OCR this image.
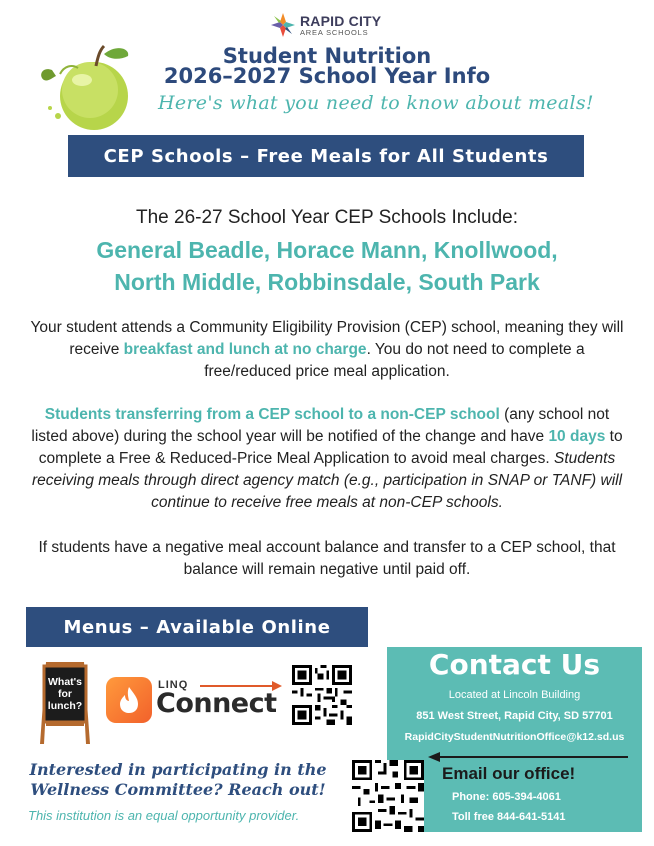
RAPID CITY
AREA SCHOOLS
Student Nutrition
2026–2027 School Year Info
Here's what you need to know about meals!
CEP Schools – Free Meals for All Students
The 26-27 School Year CEP Schools Include:
General Beadle, Horace Mann, Knollwood,
North Middle, Robbinsdale, South Park
Your student attends a Community Eligibility Provision (CEP) school, meaning they will receive breakfast and lunch at no charge. You do not need to complete a free/reduced price meal application.
Students transferring from a CEP school to a non-CEP school (any school not listed above) during the school year will be notified of the change and have 10 days to complete a Free & Reduced-Price Meal Application to avoid meal charges. Students receiving meals through direct agency match (e.g., participation in SNAP or TANF) will continue to receive free meals at non-CEP schools.
If students have a negative meal account balance and transfer to a CEP school, that balance will remain negative until paid off.
Menus – Available Online
What's for lunch?
LINQ
Connect
Interested in participating in the Wellness Committee? Reach out!
This institution is an equal opportunity provider.
Contact Us
Located at Lincoln Building
851 West Street, Rapid City, SD 57701
RapidCityStudentNutritionOffice@k12.sd.us
Email our office!
Phone: 605-394-4061
Toll free 844-641-5141
